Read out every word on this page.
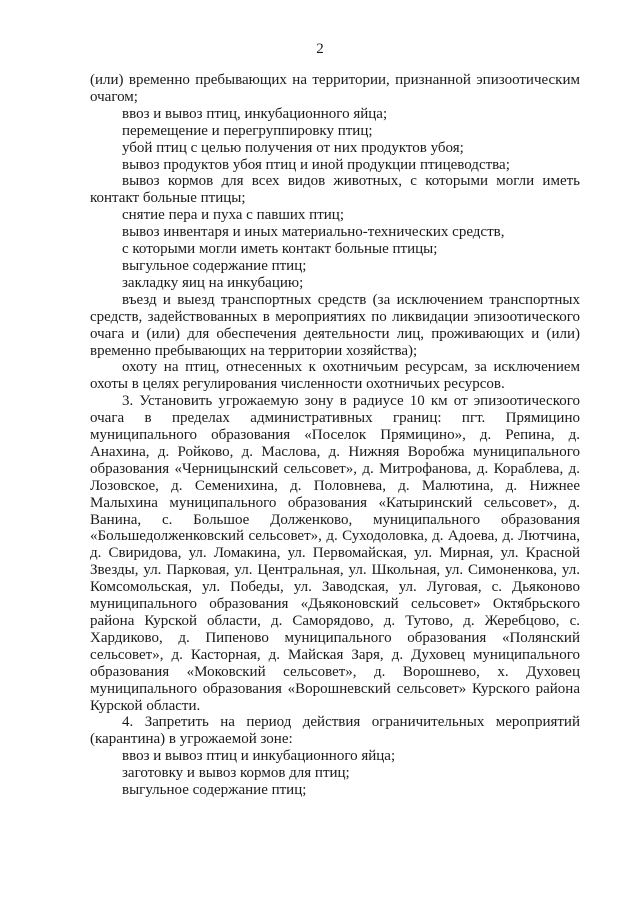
2

(или) временно пребывающих на территории, признанной эпизоотическим очагом;

ввоз и вывоз птиц, инкубационного яйца;

перемещение и перегруппировку птиц;

убой птиц с целью получения от них продуктов убоя;

вывоз продуктов убоя птиц и иной продукции птицеводства;

вывоз кормов для всех видов животных, с которыми могли иметь контакт больные птицы;

снятие пера и пуха с павших птиц;

вывоз инвентаря и иных материально-технических средств,

с которыми могли иметь контакт больные птицы;

выгульное содержание птиц;

закладку яиц на инкубацию;

въезд и выезд транспортных средств (за исключением транспортных средств, задействованных в мероприятиях по ликвидации эпизоотического очага и (или) для обеспечения деятельности лиц, проживающих и (или) временно пребывающих на территории хозяйства);

охоту на птиц, отнесенных к охотничьим ресурсам, за исключением охоты в целях регулирования численности охотничьих ресурсов.

3. Установить угрожаемую зону в радиусе 10 км от эпизоотического очага в пределах административных границ: пгт. Прямицино муниципального образования «Поселок Прямицино», д. Репина, д. Анахина, д. Ройково, д. Маслова, д. Нижняя Воробжа муниципального образования «Черницынский сельсовет», д. Митрофанова, д. Кораблева, д. Лозовское, д. Семенихина, д. Половнева, д. Малютина, д. Нижнее Малыхина муниципального образования «Катыринский сельсовет», д. Ванина, с. Большое Долженково, муниципального образования «Большедолженковский сельсовет», д. Суходоловка, д. Адоева, д. Лютчина, д. Свиридова, ул. Ломакина, ул. Первомайская, ул. Мирная, ул. Красной Звезды, ул. Парковая, ул. Центральная, ул. Школьная, ул. Симоненкова, ул. Комсомольская, ул. Победы, ул. Заводская, ул. Луговая, с. Дьяконово муниципального образования «Дьяконовский сельсовет» Октябрьского района Курской области, д. Саморядово, д. Тутово, д. Жеребцово, с. Хардиково, д. Пипеново муниципального образования «Полянский сельсовет», д. Касторная, д. Майская Заря, д. Духовец муниципального образования «Моковский сельсовет», д. Ворошнево, х. Духовец муниципального образования «Ворошневский сельсовет» Курского района Курской области.

4. Запретить на период действия ограничительных мероприятий (карантина) в угрожаемой зоне:

ввоз и вывоз птиц и инкубационного яйца;

заготовку и вывоз кормов для птиц;

выгульное содержание птиц;
